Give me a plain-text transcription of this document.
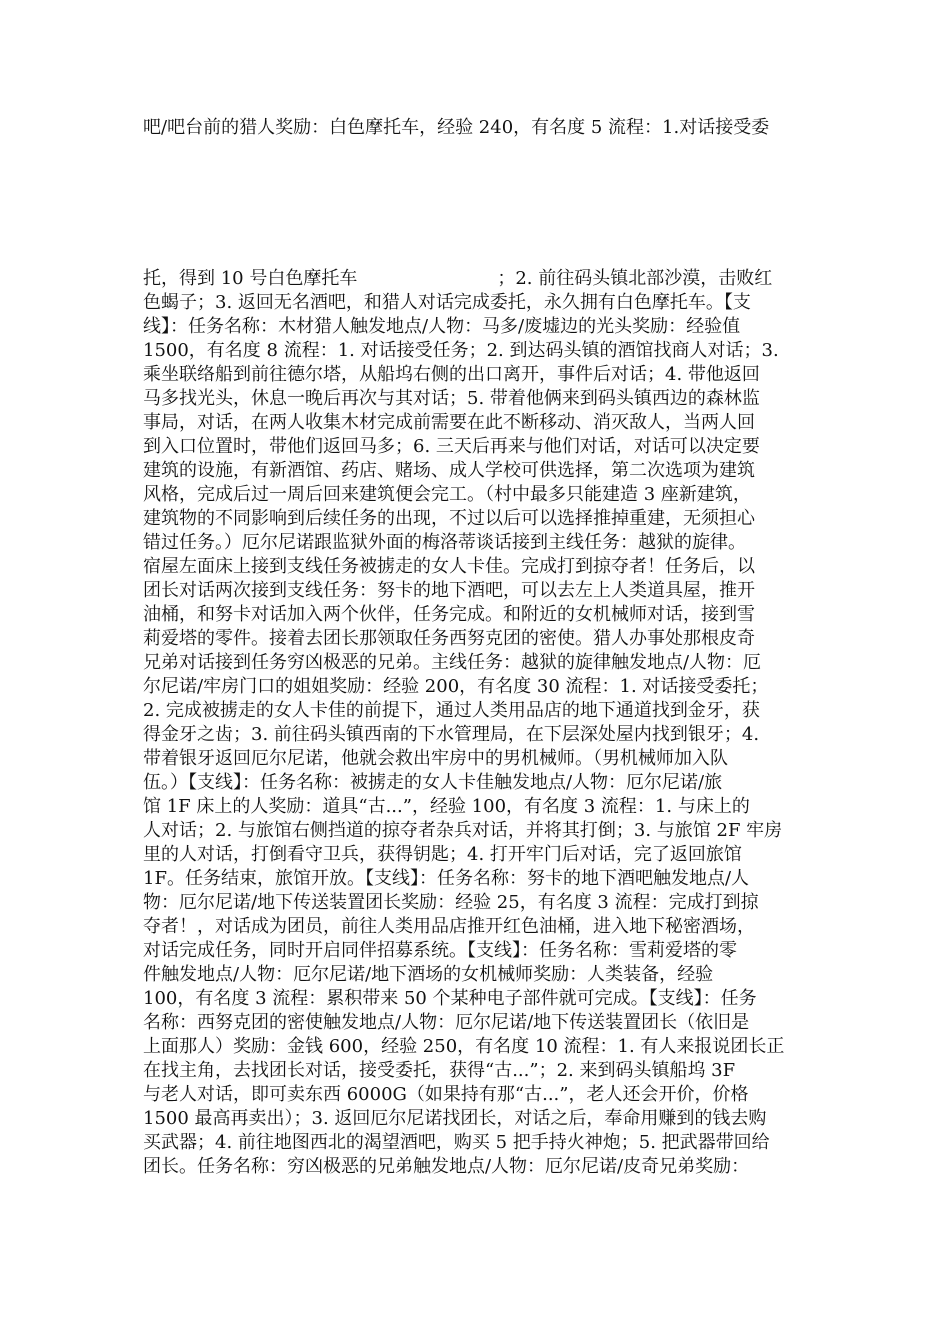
吧/吧台前的猎人奖励：白色摩托车，经验 240，有名度 5 流程：1.对话接受委
托，得到 10 号白色摩托车	；2. 前往码头镇北部沙漠，击败红
色蝎子；3. 返回无名酒吧，和猎人对话完成委托，永久拥有白色摩托车。【支
线】：任务名称：木材猎人触发地点/人物：马多/废墟边的光头奖励：经验值
1500，有名度 8 流程：1. 对话接受任务；2. 到达码头镇的酒馆找商人对话；3.
乘坐联络船到前往德尔塔，从船坞右侧的出口离开，事件后对话；4. 带他返回
马多找光头，休息一晚后再次与其对话；5. 带着他俩来到码头镇西边的森林监
事局，对话，在两人收集木材完成前需要在此不断移动、消灭敌人，当两人回
到入口位置时，带他们返回马多；6. 三天后再来与他们对话，对话可以决定要
建筑的设施，有新酒馆、药店、赌场、成人学校可供选择，第二次选项为建筑
风格，完成后过一周后回来建筑便会完工。（村中最多只能建造 3 座新建筑，
建筑物的不同影响到后续任务的出现，不过以后可以选择推掉重建，无须担心
错过任务。）厄尔尼诺跟监狱外面的梅洛蒂谈话接到主线任务：越狱的旋律。
宿屋左面床上接到支线任务被掳走的女人卡佳。完成打到掠夺者！任务后，以
团长对话两次接到支线任务：努卡的地下酒吧，可以去左上人类道具屋，推开
油桶，和努卡对话加入两个伙伴，任务完成。和附近的女机械师对话，接到雪
莉爱塔的零件。接着去团长那领取任务西努克团的密使。猎人办事处那根皮奇
兄弟对话接到任务穷凶极恶的兄弟。主线任务：越狱的旋律触发地点/人物：厄
尔尼诺/牢房门口的姐姐奖励：经验 200，有名度 30 流程：1. 对话接受委托；
2. 完成被掳走的女人卡佳的前提下，通过人类用品店的地下通道找到金牙，获
得金牙之齿；3. 前往码头镇西南的下水管理局，在下层深处屋内找到银牙；4.
带着银牙返回厄尔尼诺，他就会救出牢房中的男机械师。（男机械师加入队
伍。）【支线】：任务名称：被掳走的女人卡佳触发地点/人物：厄尔尼诺/旅
馆 1F 床上的人奖励：道具“古...”，经验 100，有名度 3 流程：1. 与床上的
人对话；2. 与旅馆右侧挡道的掠夺者杂兵对话，并将其打倒；3. 与旅馆 2F 牢房
里的人对话，打倒看守卫兵，获得钥匙；4. 打开牢门后对话，完了返回旅馆
1F。任务结束，旅馆开放。【支线】：任务名称：努卡的地下酒吧触发地点/人
物：厄尔尼诺/地下传送装置团长奖励：经验 25，有名度 3 流程：完成打到掠
夺者！，对话成为团员，前往人类用品店推开红色油桶，进入地下秘密酒场，
对话完成任务，同时开启同伴招募系统。【支线】：任务名称：雪莉爱塔的零
件触发地点/人物：厄尔尼诺/地下酒场的女机械师奖励：人类装备，经验
100，有名度 3 流程：累积带来 50 个某种电子部件就可完成。【支线】：任务
名称：西努克团的密使触发地点/人物：厄尔尼诺/地下传送装置团长（依旧是
上面那人）奖励：金钱 600，经验 250，有名度 10 流程：1. 有人来报说团长正
在找主角，去找团长对话，接受委托，获得“古...”；2. 来到码头镇船坞 3F
与老人对话，即可卖东西 6000G（如果持有那“古...”，老人还会开价，价格
1500 最高再卖出）；3. 返回厄尔尼诺找团长，对话之后，奉命用赚到的钱去购
买武器；4. 前往地图西北的渴望酒吧，购买 5 把手持火神炮；5. 把武器带回给
团长。任务名称：穷凶极恶的兄弟触发地点/人物：厄尔尼诺/皮奇兄弟奖励：
